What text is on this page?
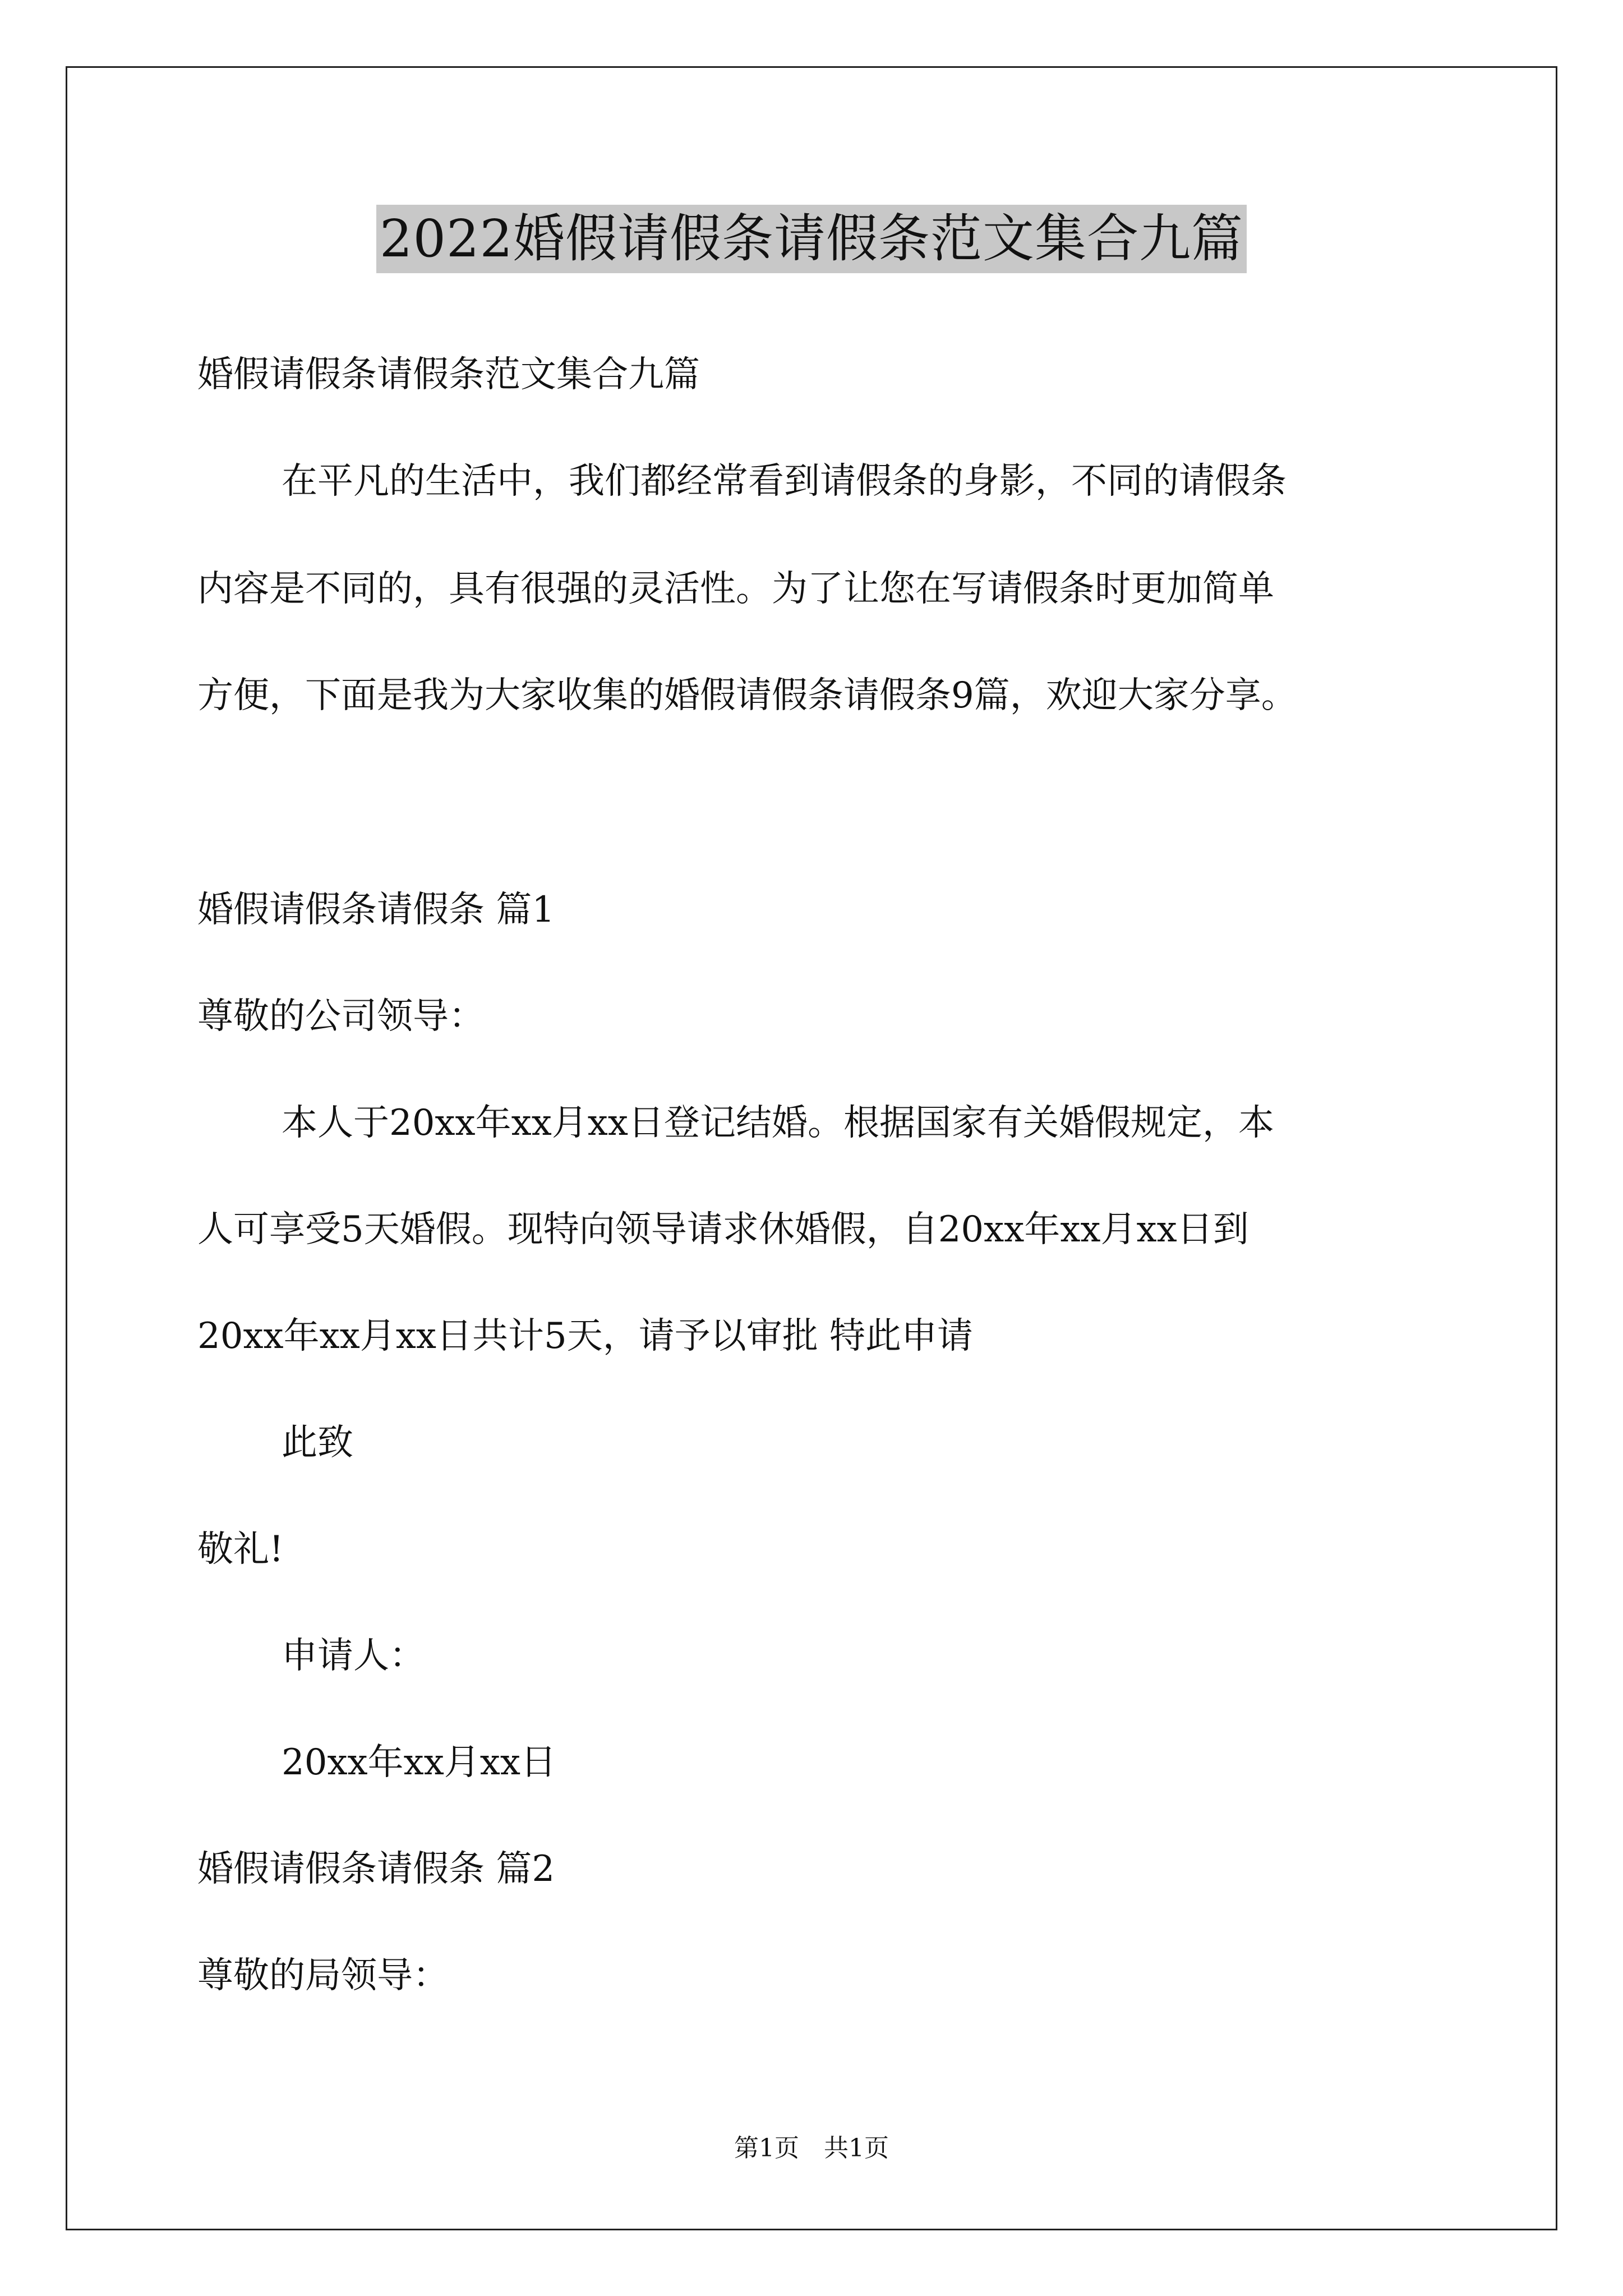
2022婚假请假条请假条范文集合九篇
婚假请假条请假条范文集合九篇
在平凡的生活中，我们都经常看到请假条的身影，不同的请假条
内容是不同的，具有很强的灵活性。为了让您在写请假条时更加简单
方便，下面是我为大家收集的婚假请假条请假条9篇，欢迎大家分享。
婚假请假条请假条 篇1
尊敬的公司领导：
本人于20xx年xx月xx日登记结婚。根据国家有关婚假规定，本
人可享受5天婚假。现特向领导请求休婚假，自20xx年xx月xx日到
20xx年xx月xx日共计5天，请予以审批 特此申请
此致
敬礼!
申请人：
20xx年xx月xx日
婚假请假条请假条 篇2
尊敬的局领导：
第1页　共1页
